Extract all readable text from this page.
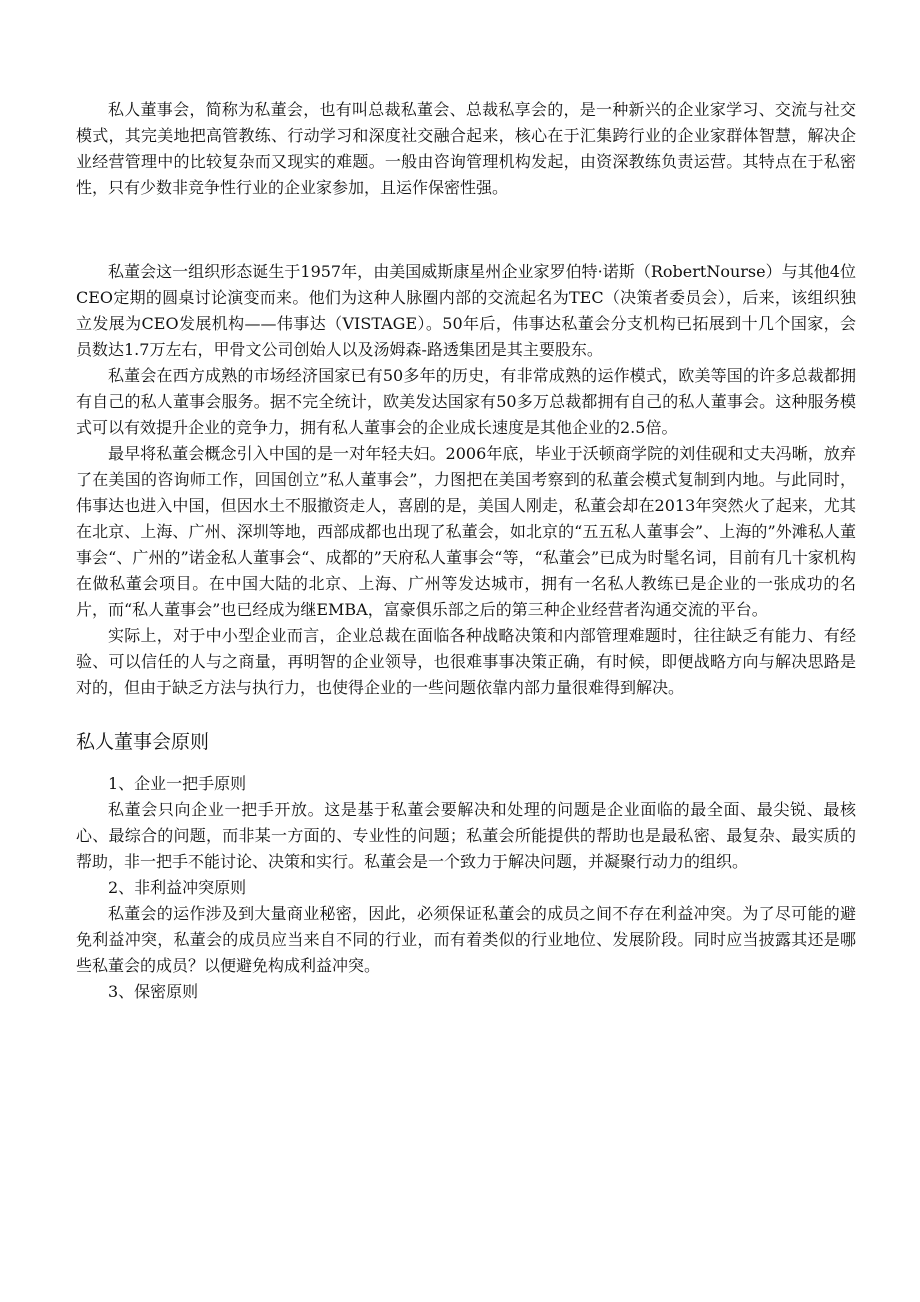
私人董事会，简称为私董会，也有叫总裁私董会、总裁私享会的，是一种新兴的企业家学习、交流与社交模式，其完美地把高管教练、行动学习和深度社交融合起来，核心在于汇集跨行业的企业家群体智慧，解决企业经营管理中的比较复杂而又现实的难题。一般由咨询管理机构发起，由资深教练负责运营。其特点在于私密性，只有少数非竞争性行业的企业家参加，且运作保密性强。

私董会这一组织形态诞生于1957年，由美国威斯康星州企业家罗伯特·诺斯（RobertNourse）与其他4位CEO定期的圆桌讨论演变而来。他们为这种人脉圈内部的交流起名为TEC（决策者委员会），后来，该组织独立发展为CEO发展机构——伟事达（VISTAGE）。50年后，伟事达私董会分支机构已拓展到十几个国家，会员数达1.7万左右，甲骨文公司创始人以及汤姆森-路透集团是其主要股东。

私董会在西方成熟的市场经济国家已有50多年的历史，有非常成熟的运作模式，欧美等国的许多总裁都拥有自己的私人董事会服务。据不完全统计，欧美发达国家有50多万总裁都拥有自己的私人董事会。这种服务模式可以有效提升企业的竞争力，拥有私人董事会的企业成长速度是其他企业的2.5倍。

最早将私董会概念引入中国的是一对年轻夫妇。2006年底，毕业于沃顿商学院的刘佳砚和丈夫冯晰，放弃了在美国的咨询师工作，回国创立”私人董事会”，力图把在美国考察到的私董会模式复制到内地。与此同时，伟事达也进入中国，但因水土不服撤资走人，喜剧的是，美国人刚走，私董会却在2013年突然火了起来，尤其在北京、上海、广州、深圳等地，西部成都也出现了私董会，如北京的“五五私人董事会”、上海的”外滩私人董事会“、广州的”诺金私人董事会“、成都的”天府私人董事会“等，“私董会”已成为时髦名词，目前有几十家机构在做私董会项目。在中国大陆的北京、上海、广州等发达城市，拥有一名私人教练已是企业的一张成功的名片，而“私人董事会”也已经成为继EMBA，富豪俱乐部之后的第三种企业经营者沟通交流的平台。

实际上，对于中小型企业而言，企业总裁在面临各种战略决策和内部管理难题时，往往缺乏有能力、有经验、可以信任的人与之商量，再明智的企业领导，也很难事事决策正确，有时候，即便战略方向与解决思路是对的，但由于缺乏方法与执行力，也使得企业的一些问题依靠内部力量很难得到解决。

私人董事会原则

1、企业一把手原则

私董会只向企业一把手开放。这是基于私董会要解决和处理的问题是企业面临的最全面、最尖锐、最核心、最综合的问题，而非某一方面的、专业性的问题；私董会所能提供的帮助也是最私密、最复杂、最实质的帮助，非一把手不能讨论、决策和实行。私董会是一个致力于解决问题，并凝聚行动力的组织。

2、非利益冲突原则

私董会的运作涉及到大量商业秘密，因此，必须保证私董会的成员之间不存在利益冲突。为了尽可能的避免利益冲突，私董会的成员应当来自不同的行业，而有着类似的行业地位、发展阶段。同时应当披露其还是哪些私董会的成员？以便避免构成利益冲突。

3、保密原则
